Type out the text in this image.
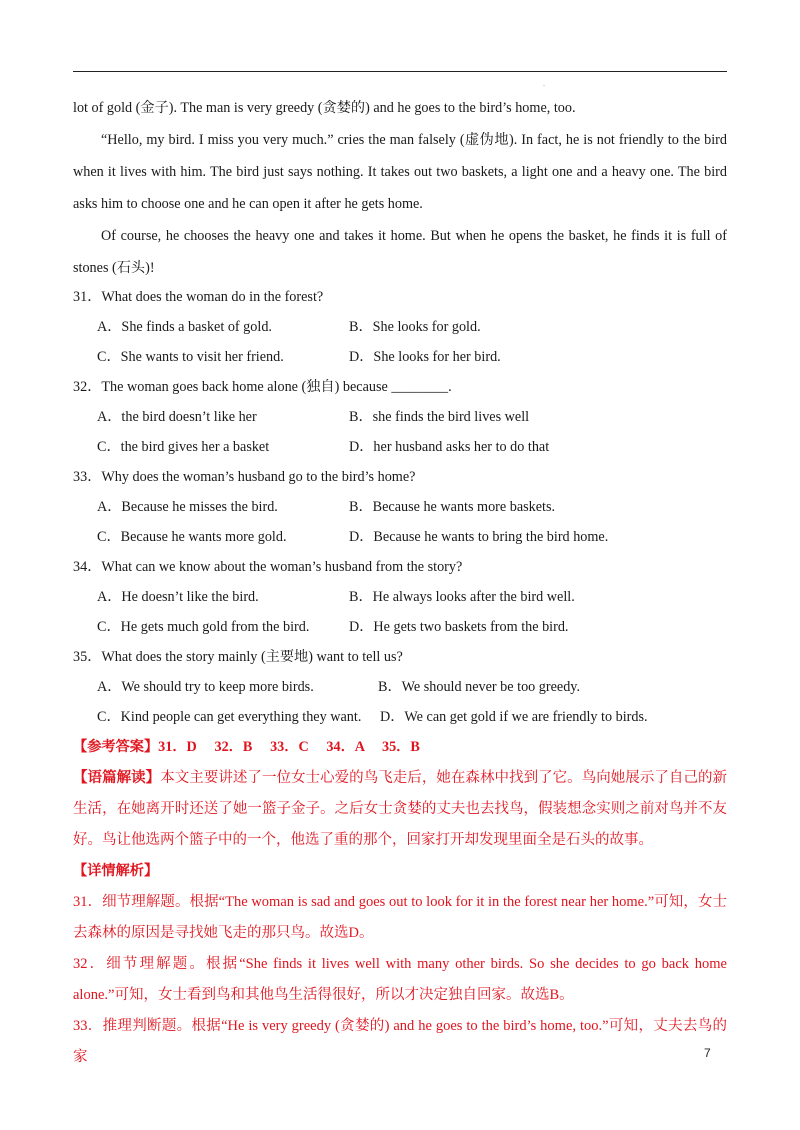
.

lot of gold (金子). The man is very greedy (贪婪的) and he goes to the bird’s home, too.

“Hello, my bird. I miss you very much.” cries the man falsely (虚伪地). In fact, he is not friendly to the bird when it lives with him. The bird just says nothing. It takes out two baskets, a light one and a heavy one. The bird asks him to choose one and he can open it after he gets home.

Of course, he chooses the heavy one and takes it home. But when he opens the basket, he finds it is full of stones (石头)!

31．What does the woman do in the forest?
A．She finds a basket of gold.	B．She looks for gold.
C．She wants to visit her friend.	D．She looks for her bird.
32．The woman goes back home alone (独自) because ________.
A．the bird doesn’t like her	B．she finds the bird lives well
C．the bird gives her a basket	D．her husband asks her to do that
33．Why does the woman’s husband go to the bird’s home?
A．Because he misses the bird.	B．Because he wants more baskets.
C．Because he wants more gold.	D．Because he wants to bring the bird home.
34．What can we know about the woman’s husband from the story?
A．He doesn’t like the bird.	B．He always looks after the bird well.
C．He gets much gold from the bird.	D．He gets two baskets from the bird.
35．What does the story mainly (主要地) want to tell us?
A．We should try to keep more birds.	B．We should never be too greedy.
C．Kind people can get everything they want. D．We can get gold if we are friendly to birds.
【参考答案】31．D　 32．B　 33．C　 34．A　 35．B

【语篇解读】本文主要讲述了一位女士心爱的鸟飞走后，她在森林中找到了它。鸟向她展示了自己的新生活，在她离开时还送了她一篮子金子。之后女士贪婪的丈夫也去找鸟，假装想念实则之前对鸟并不友好。鸟让他选两个篮子中的一个，他选了重的那个，回家打开却发现里面全是石头的故事。

【详情解析】

31．细节理解题。根据“The woman is sad and goes out to look for it in the forest near her home.”可知，女士去森林的原因是寻找她飞走的那只鸟。故选D。

32．细节理解题。根据“She finds it lives well with many other birds. So she decides to go back home alone.”可知，女士看到鸟和其他鸟生活得很好，所以才决定独自回家。故选B。

33．推理判断题。根据“He is very greedy (贪婪的) and he goes to the bird’s home, too.”可知，丈夫去鸟的家	7
